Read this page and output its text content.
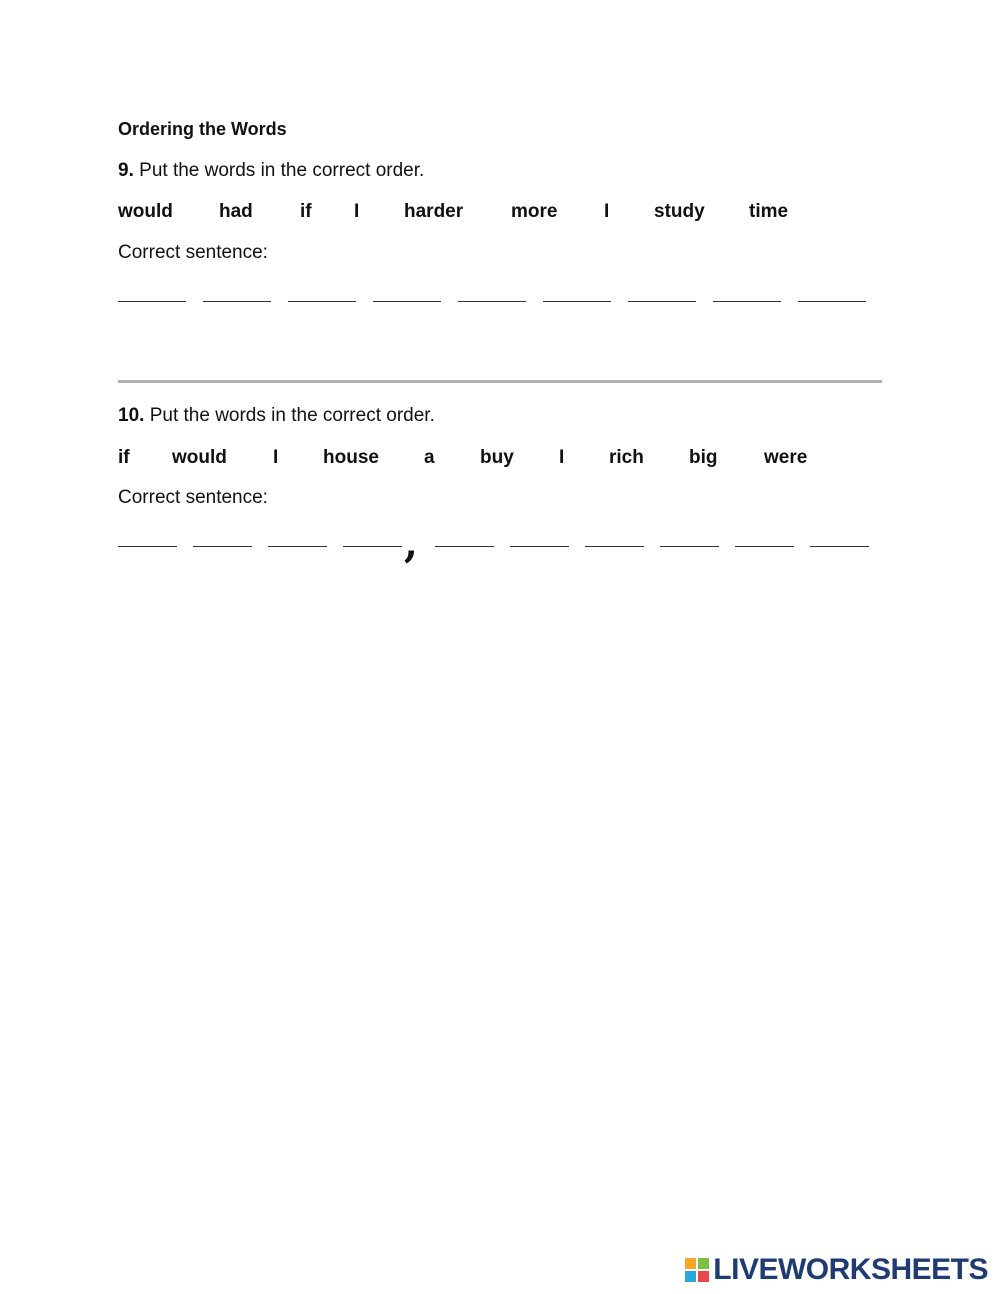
Ordering the Words
9. Put the words in the correct order.
would had if I harder	more I study time
Correct sentence:
10. Put the words in the correct order.
if would I house a buy I rich big were
Correct sentence:
,
LIVEWORKSHEETS
